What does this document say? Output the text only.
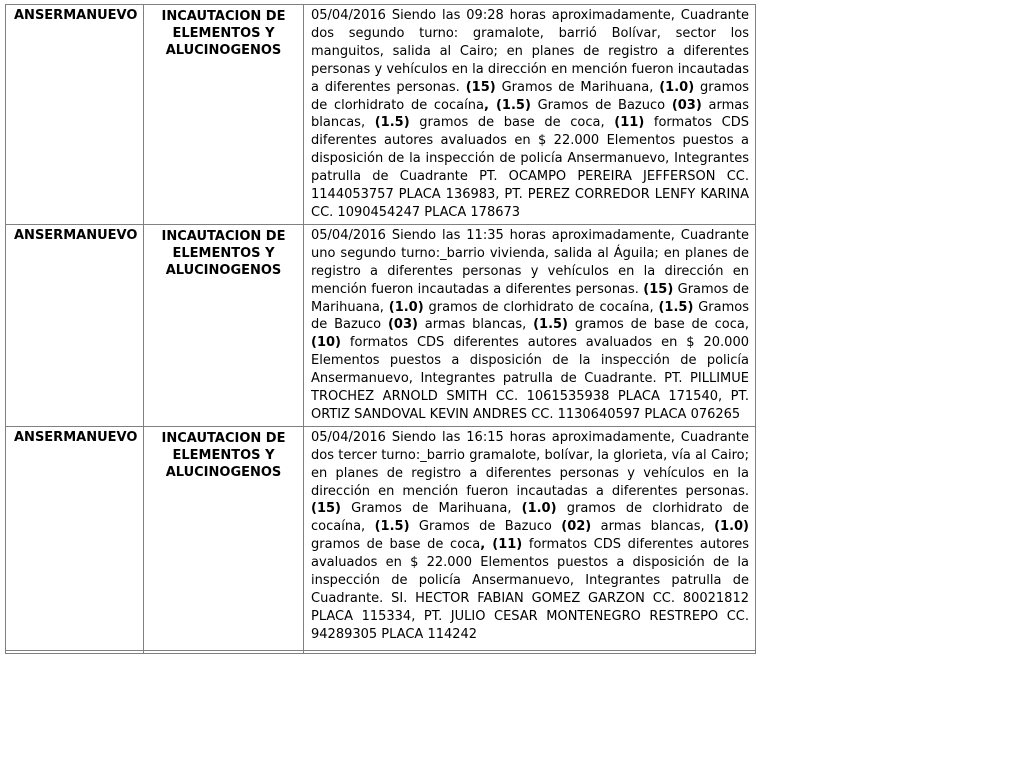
ANSERMANUEVO	INCAUTACION DE ELEMENTOS Y ALUCINOGENOS	05/04/2016 Siendo las 09:28 horas aproximadamente, Cuadrante dos segundo turno: gramalote, barrió Bolívar, sector los manguitos, salida al Cairo; en planes de registro a diferentes personas y vehículos en la dirección en mención fueron incautadas a diferentes personas. (15) Gramos de Marihuana, (1.0) gramos de clorhidrato de cocaína, (1.5) Gramos de Bazuco (03) armas blancas, (1.5) gramos de base de coca, (11) formatos CDS diferentes autores avaluados en $ 22.000 Elementos puestos a disposición de la inspección de policía Ansermanuevo, Integrantes patrulla de Cuadrante PT. OCAMPO PEREIRA JEFFERSON CC. 1144053757 PLACA 136983, PT. PEREZ CORREDOR LENFY KARINA CC. 1090454247 PLACA 178673
ANSERMANUEVO	INCAUTACION DE ELEMENTOS Y ALUCINOGENOS	05/04/2016 Siendo las 11:35 horas aproximadamente, Cuadrante uno segundo turno:_barrio vivienda, salida al Águila; en planes de registro a diferentes personas y vehículos en la dirección en mención fueron incautadas a diferentes personas. (15) Gramos de Marihuana, (1.0) gramos de clorhidrato de cocaína, (1.5) Gramos de Bazuco (03) armas blancas, (1.5) gramos de base de coca, (10) formatos CDS diferentes autores avaluados en $ 20.000 Elementos puestos a disposición de la inspección de policía Ansermanuevo, Integrantes patrulla de Cuadrante. PT. PILLIMUE TROCHEZ ARNOLD SMITH CC. 1061535938 PLACA 171540, PT. ORTIZ SANDOVAL KEVIN ANDRES CC. 1130640597 PLACA 076265
ANSERMANUEVO	INCAUTACION DE ELEMENTOS Y ALUCINOGENOS	05/04/2016 Siendo las 16:15 horas aproximadamente, Cuadrante dos tercer turno:_barrio gramalote, bolívar, la glorieta, vía al Cairo; en planes de registro a diferentes personas y vehículos en la dirección en mención fueron incautadas a diferentes personas. (15) Gramos de Marihuana, (1.0) gramos de clorhidrato de cocaína, (1.5) Gramos de Bazuco (02) armas blancas, (1.0) gramos de base de coca, (11) formatos CDS diferentes autores avaluados en $ 22.000 Elementos puestos a disposición de la inspección de policía Ansermanuevo, Integrantes patrulla de Cuadrante. SI. HECTOR FABIAN GOMEZ GARZON CC. 80021812 PLACA 115334, PT. JULIO CESAR MONTENEGRO RESTREPO CC. 94289305 PLACA 114242
